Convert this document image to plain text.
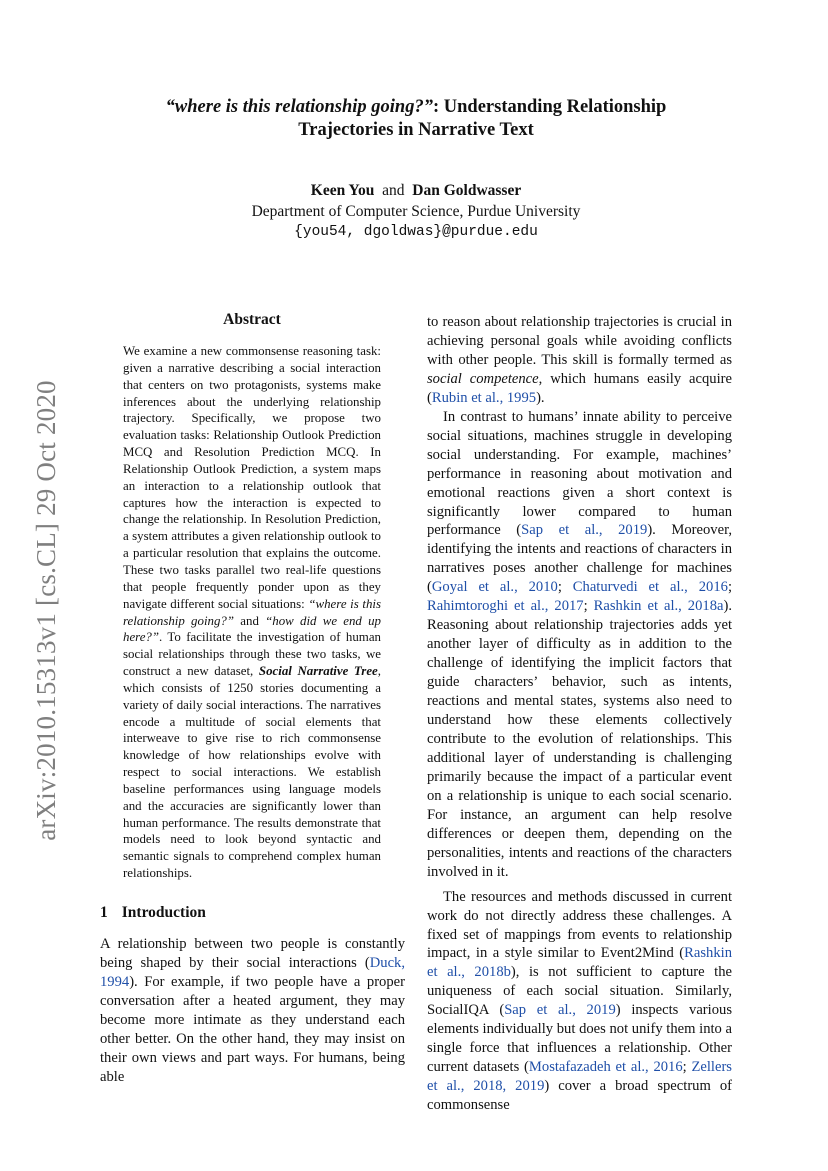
arXiv:2010.15313v1 [cs.CL] 29 Oct 2020
“where is this relationship going?”: Understanding Relationship
Trajectories in Narrative Text
Keen You and Dan Goldwasser
Department of Computer Science, Purdue University
{you54, dgoldwas}@purdue.edu
Abstract
We examine a new commonsense reasoning task: given a narrative describing a social interaction that centers on two protagonists, systems make inferences about the underlying relationship trajectory. Specifically, we propose two evaluation tasks: Relationship Outlook Prediction MCQ and Resolution Prediction MCQ. In Relationship Outlook Prediction, a system maps an interaction to a relationship outlook that captures how the interaction is expected to change the relationship. In Resolution Prediction, a system attributes a given relationship outlook to a particular resolution that explains the outcome. These two tasks parallel two real-life questions that people frequently ponder upon as they navigate different social situations: “where is this relationship going?” and “how did we end up here?”. To facilitate the investigation of human social relationships through these two tasks, we construct a new dataset, Social Narrative Tree, which consists of 1250 stories documenting a variety of daily social interactions. The narratives encode a multitude of social elements that interweave to give rise to rich commonsense knowledge of how relationships evolve with respect to social interactions. We establish baseline performances using language models and the accuracies are significantly lower than human performance. The results demonstrate that models need to look beyond syntactic and semantic signals to comprehend complex human relationships.
1 Introduction

A relationship between two people is constantly being shaped by their social interactions (Duck, 1994). For example, if two people have a proper conversation after a heated argument, they may become more intimate as they understand each other better. On the other hand, they may insist on their own views and part ways. For humans, being able

to reason about relationship trajectories is crucial in achieving personal goals while avoiding conflicts with other people. This skill is formally termed as social competence, which humans easily acquire (Rubin et al., 1995).

In contrast to humans’ innate ability to perceive social situations, machines struggle in developing social understanding. For example, machines’ performance in reasoning about motivation and emotional reactions given a short context is significantly lower compared to human performance (Sap et al., 2019). Moreover, identifying the intents and reactions of characters in narratives poses another challenge for machines (Goyal et al., 2010; Chaturvedi et al., 2016; Rahimtoroghi et al., 2017; Rashkin et al., 2018a). Reasoning about relationship trajectories adds yet another layer of difficulty as in addition to the challenge of identifying the implicit factors that guide characters’ behavior, such as intents, reactions and mental states, systems also need to understand how these elements collectively contribute to the evolution of relationships. This additional layer of understanding is challenging primarily because the impact of a particular event on a relationship is unique to each social scenario. For instance, an argument can help resolve differences or deepen them, depending on the personalities, intents and reactions of the characters involved in it.

The resources and methods discussed in current work do not directly address these challenges. A fixed set of mappings from events to relationship impact, in a style similar to Event2Mind (Rashkin et al., 2018b), is not sufficient to capture the uniqueness of each social situation. Similarly, SocialIQA (Sap et al., 2019) inspects various elements individually but does not unify them into a single force that influences a relationship. Other current datasets (Mostafazadeh et al., 2016; Zellers et al., 2018, 2019) cover a broad spectrum of commonsense
